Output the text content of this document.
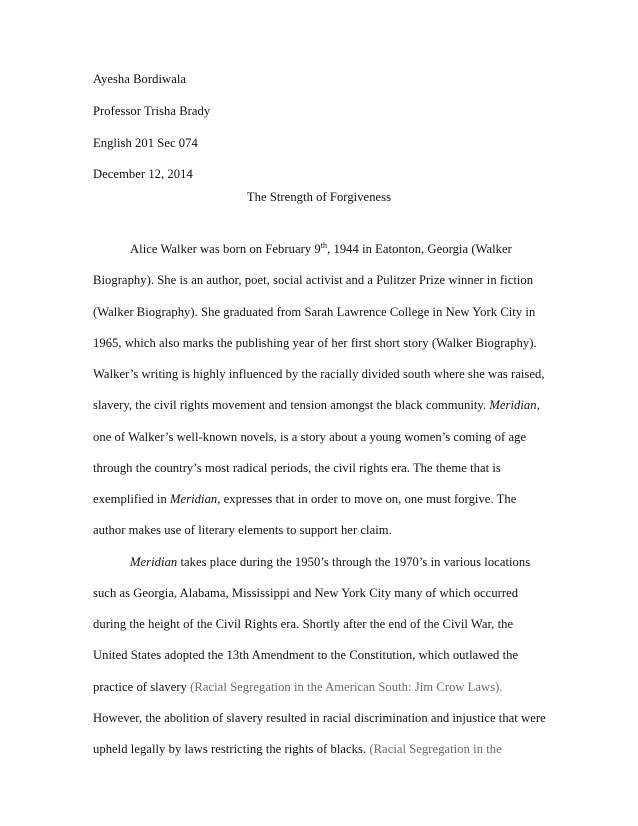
Ayesha Bordiwala
Professor Trisha Brady
English 201 Sec 074
December 12, 2014
The Strength of Forgiveness
Alice Walker was born on February 9th, 1944 in Eatonton, Georgia (Walker
Biography). She is an author, poet, social activist and a Pulitzer Prize winner in fiction
(Walker Biography). She graduated from Sarah Lawrence College in New York City in
1965, which also marks the publishing year of her first short story (Walker Biography).
Walker’s writing is highly influenced by the racially divided south where she was raised,
slavery, the civil rights movement and tension amongst the black community. Meridian,
one of Walker’s well-known novels, is a story about a young women’s coming of age
through the country’s most radical periods, the civil rights era. The theme that is
exemplified in Meridian, expresses that in order to move on, one must forgive. The
author makes use of literary elements to support her claim.
Meridian takes place during the 1950’s through the 1970’s in various locations
such as Georgia, Alabama, Mississippi and New York City many of which occurred
during the height of the Civil Rights era. Shortly after the end of the Civil War, the
United States adopted the 13th Amendment to the Constitution, which outlawed the
practice of slavery (Racial Segregation in the American South: Jim Crow Laws).
However, the abolition of slavery resulted in racial discrimination and injustice that were
upheld legally by laws restricting the rights of blacks. (Racial Segregation in the
